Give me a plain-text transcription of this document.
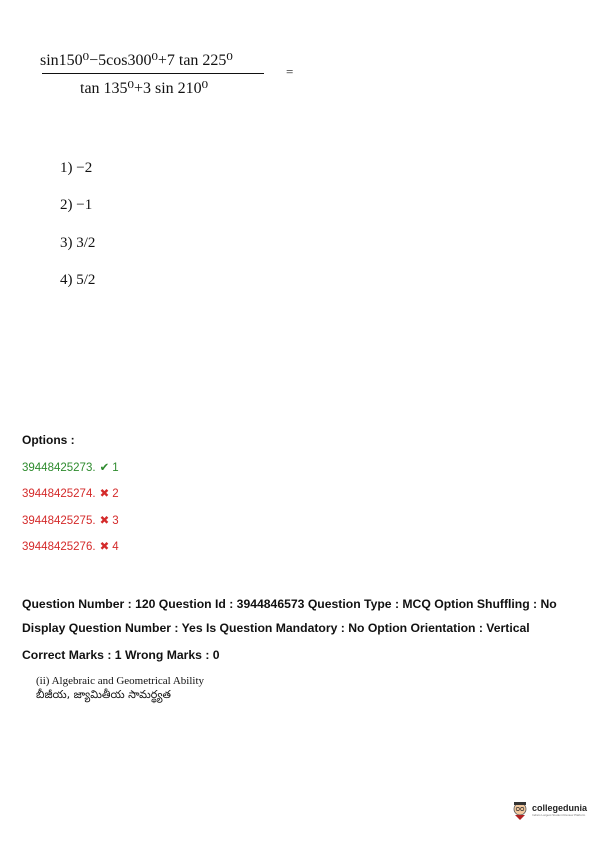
sin150⁰−5cos300⁰+7 tan 225⁰
tan 135⁰+3 sin 210⁰
=
1) −2
2) −1
3) 3/2
4) 5/2
Options :
39448425273. ✔ 1
39448425274. ✖ 2
39448425275. ✖ 3
39448425276. ✖ 4
Question Number : 120 Question Id : 3944846573 Question Type : MCQ Option Shuffling : No
Display Question Number : Yes Is Question Mandatory : No Option Orientation : Vertical
Correct Marks : 1 Wrong Marks : 0
(ii) Algebraic and Geometrical Ability
బీజీయ, జ్యామితీయ సామర్థ్యత
collegedunia
India's Largest Student Review Platform
